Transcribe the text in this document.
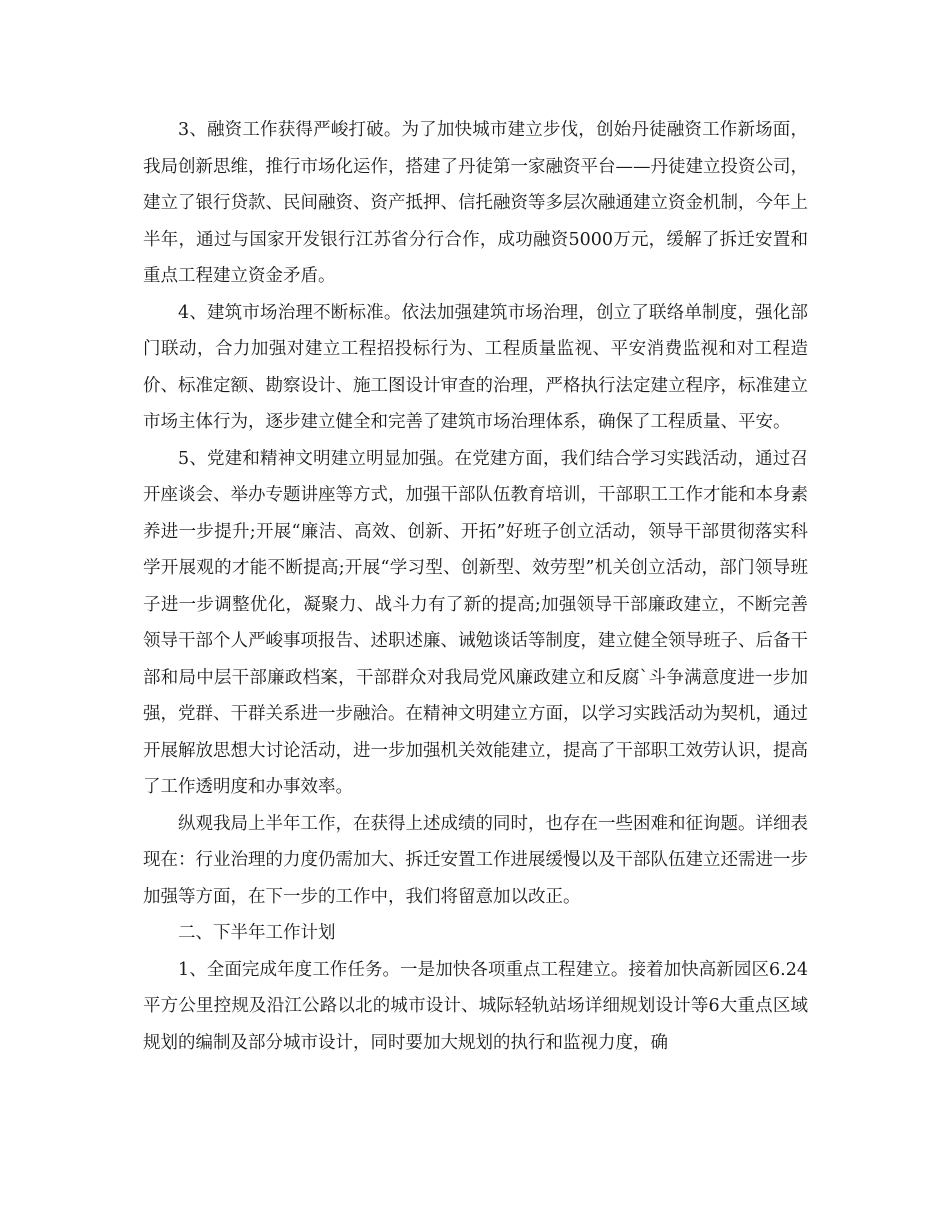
3、融资工作获得严峻打破。为了加快城市建立步伐，创始丹徒融资工作新场面，我局创新思维，推行市场化运作，搭建了丹徒第一家融资平台——丹徒建立投资公司，建立了银行贷款、民间融资、资产抵押、信托融资等多层次融通建立资金机制，今年上半年，通过与国家开发银行江苏省分行合作，成功融资5000万元，缓解了拆迁安置和重点工程建立资金矛盾。

4、建筑市场治理不断标准。依法加强建筑市场治理，创立了联络单制度，强化部门联动，合力加强对建立工程招投标行为、工程质量监视、平安消费监视和对工程造价、标准定额、勘察设计、施工图设计审查的治理，严格执行法定建立程序，标准建立市场主体行为，逐步建立健全和完善了建筑市场治理体系，确保了工程质量、平安。

5、党建和精神文明建立明显加强。在党建方面，我们结合学习实践活动，通过召开座谈会、举办专题讲座等方式，加强干部队伍教育培训，干部职工工作才能和本身素养进一步提升;开展“廉洁、高效、创新、开拓”好班子创立活动，领导干部贯彻落实科学开展观的才能不断提高;开展“学习型、创新型、效劳型”机关创立活动，部门领导班子进一步调整优化，凝聚力、战斗力有了新的提高;加强领导干部廉政建立，不断完善领导干部个人严峻事项报告、述职述廉、诫勉谈话等制度，建立健全领导班子、后备干部和局中层干部廉政档案，干部群众对我局党风廉政建立和反腐`斗争满意度进一步加强，党群、干群关系进一步融洽。在精神文明建立方面，以学习实践活动为契机，通过开展解放思想大讨论活动，进一步加强机关效能建立，提高了干部职工效劳认识，提高了工作透明度和办事效率。

纵观我局上半年工作，在获得上述成绩的同时，也存在一些困难和征询题。详细表现在：行业治理的力度仍需加大、拆迁安置工作进展缓慢以及干部队伍建立还需进一步加强等方面，在下一步的工作中，我们将留意加以改正。

二、下半年工作计划

1、全面完成年度工作任务。一是加快各项重点工程建立。接着加快高新园区6.24平方公里控规及沿江公路以北的城市设计、城际轻轨站场详细规划设计等6大重点区域规划的编制及部分城市设计，同时要加大规划的执行和监视力度，确
